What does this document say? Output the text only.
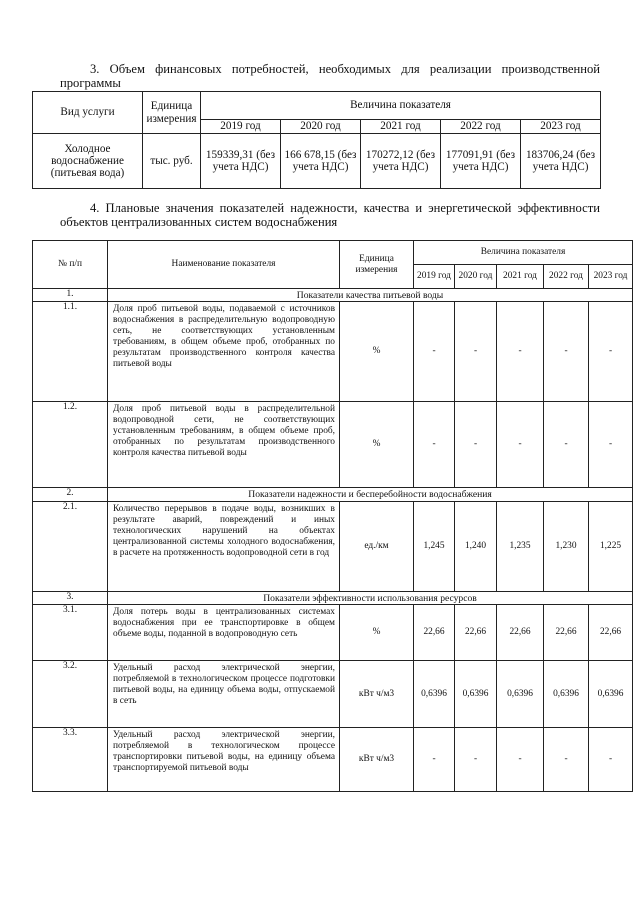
3. Объем финансовых потребностей, необходимых для реализации производственной
программы
Вид услуги	Единица измерения	Величина показателя				
		2019 год	2020 год	2021 год	2022 год	2023 год
Холодное водоснабжение (питьевая вода)	тыс. руб.	159339,31 (без учета НДС)	166 678,15 (без учета НДС)	170272,12 (без учета НДС)	177091,91 (без учета НДС)	183706,24 (без учета НДС)
4. Плановые значения показателей надежности, качества и энергетической эффективности
объектов централизованных систем водоснабжения
№ п/п	Наименование показателя	Единица измерения	Величина показателя				
			2019 год	2020 год	2021 год	2022 год	2023 год
1.	Показатели качества питьевой воды						
1.1.	Доля проб питьевой воды, подаваемой с источников водоснабжения в распределительную водопроводную сеть, не соответствующих установленным требованиям, в общем объеме проб, отобранных по результатам производственного контроля качества питьевой воды	%	-	-	-	-	-
1.2.	Доля проб питьевой воды в распределительной водопроводной сети, не соответствующих установленным требованиям, в общем объеме проб, отобранных по результатам производственного контроля качества питьевой воды	%	-	-	-	-	-
2.	Показатели надежности и бесперебойности водоснабжения						
2.1.	Количество перерывов в подаче воды, возникших в результате аварий, повреждений и иных технологических нарушений на объектах централизованной системы холодного водоснабжения, в расчете на протяженность водопроводной сети в год	ед./км	1,245	1,240	1,235	1,230	1,225
3.	Показатели эффективности использования ресурсов						
3.1.	Доля потерь воды в централизованных системах водоснабжения при ее транспортировке в общем объеме воды, поданной в водопроводную сеть	%	22,66	22,66	22,66	22,66	22,66
3.2.	Удельный расход электрической энергии, потребляемой в технологическом процессе подготовки питьевой воды, на единицу объема воды, отпускаемой в сеть	кВт ч/м3	0,6396	0,6396	0,6396	0,6396	0,6396
3.3.	Удельный расход электрической энергии, потребляемой в технологическом процессе транспортировки питьевой воды, на единицу объема транспортируемой питьевой воды	кВт ч/м3	-	-	-	-	-
